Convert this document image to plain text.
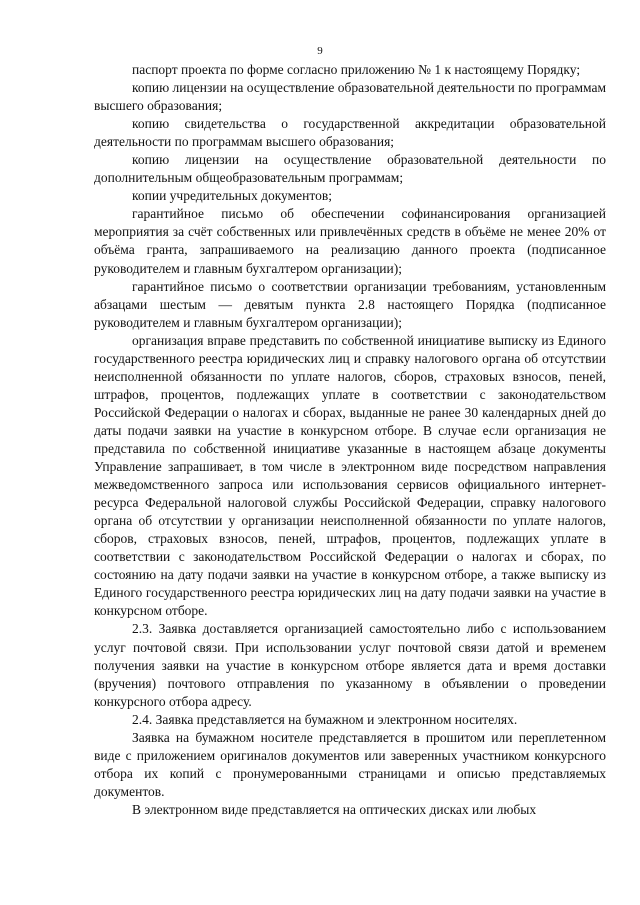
9

паспорт проекта по форме согласно приложению № 1 к настоящему Порядку;

копию лицензии на осуществление образовательной деятельности по программам высшего образования;

копию свидетельства о государственной аккредитации образовательной деятельности по программам высшего образования;

копию лицензии на осуществление образовательной деятельности по дополнительным общеобразовательным программам;

копии учредительных документов;

гарантийное письмо об обеспечении софинансирования организацией мероприятия за счёт собственных или привлечённых средств в объёме не менее 20% от объёма гранта, запрашиваемого на реализацию данного проекта (подписанное руководителем и главным бухгалтером организации);

гарантийное письмо о соответствии организации требованиям, установленным абзацами шестым — девятым пункта 2.8 настоящего Порядка (подписанное руководителем и главным бухгалтером организации);

организация вправе представить по собственной инициативе выписку из Единого государственного реестра юридических лиц и справку налогового органа об отсутствии неисполненной обязанности по уплате налогов, сборов, страховых взносов, пеней, штрафов, процентов, подлежащих уплате в соответствии с законодательством Российской Федерации о налогах и сборах, выданные не ранее 30 календарных дней до даты подачи заявки на участие в конкурсном отборе. В случае если организация не представила по собственной инициативе указанные в настоящем абзаце документы Управление запрашивает, в том числе в электронном виде посредством направления межведомственного запроса или использования сервисов официального интернет-ресурса Федеральной налоговой службы Российской Федерации, справку налогового органа об отсутствии у организации неисполненной обязанности по уплате налогов, сборов, страховых взносов, пеней, штрафов, процентов, подлежащих уплате в соответствии с законодательством Российской Федерации о налогах и сборах, по состоянию на дату подачи заявки на участие в конкурсном отборе, а также выписку из Единого государственного реестра юридических лиц на дату подачи заявки на участие в конкурсном отборе.

2.3. Заявка доставляется организацией самостоятельно либо с использованием услуг почтовой связи. При использовании услуг почтовой связи датой и временем получения заявки на участие в конкурсном отборе является дата и время доставки (вручения) почтового отправления по указанному в объявлении о проведении конкурсного отбора адресу.

2.4. Заявка представляется на бумажном и электронном носителях.

Заявка на бумажном носителе представляется в прошитом или переплетенном виде с приложением оригиналов документов или заверенных участником конкурсного отбора их копий с пронумерованными страницами и описью представляемых документов.

В электронном виде представляется на оптических дисках или любых
